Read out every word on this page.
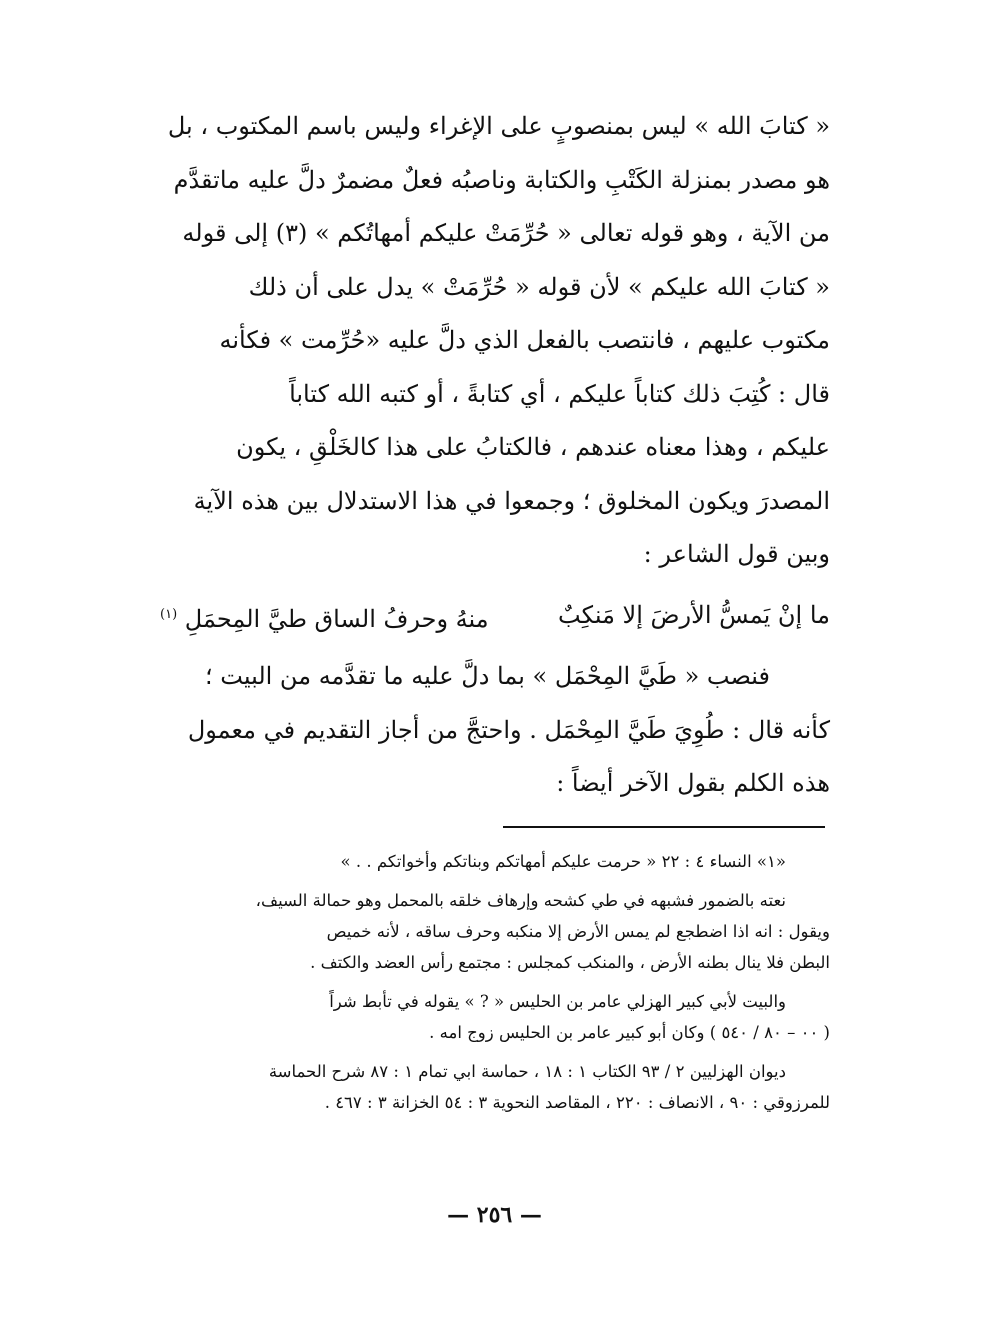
« كتابَ الله » ليس بمنصوبٍ على الإغراء وليس باسم المكتوب ، بل

هو مصدر بمنزلة الكَتْبِ والكتابة وناصبُه فعلٌ مضمرٌ دلَّ عليه ماتقدَّم

من الآية ، وهو قوله تعالى « حُرِّمَتْ عليكم أمهاتُكم » (٣) إلى قوله

« كتابَ الله عليكم » لأن قوله « حُرِّمَتْ » يدل على أن ذلك

مكتوب عليهم ، فانتصب بالفعل الذي دلَّ عليه «حُرِّمت » فكأنه

قال : كُتِبَ ذلك كتاباً عليكم ، أي كتابةً ، أو كتبه الله كتاباً

عليكم ، وهذا معناه عندهم ، فالكتابُ على هذا كالخَلْقِ ، يكون

المصدرَ ويكون المخلوق ؛ وجمعوا في هذا الاستدلال بين هذه الآية

وبين قول الشاعر :

ما إنْ يَمسُّ الأرضَ إلا مَنكِبٌ
منهُ وحرفُ الساق طيَّ المِحمَلِ $^{(١)}$

فنصب « طَيَّ المِحْمَل » بما دلَّ عليه ما تقدَّمه من البيت ؛

كأنه قال : طُوِيَ طَيَّ المِحْمَل . واحتجَّ من أجاز التقديم في معمول

هذه الكلم بقول الآخر أيضاً :

«١» النساء ٤ : ٢٢ « حرمت عليكم أمهاتكم وبناتكم وأخواتكم . . »

نعته بالضمور فشبهه في طي كشحه وإرهاف خلقه بالمحمل وهو حمالة السيف،
ويقول : انه اذا اضطجع لم يمس الأرض إلا منكبه وحرف ساقه ، لأنه خميص
البطن فلا ينال بطنه الأرض ، والمنكب كمجلس : مجتمع رأس العضد والكتف .

والبيت لأبي كبير الهزلي عامر بن الحليس « ? » يقوله في تأبط شراً
( ٠٠ – ٨٠ / ٥٤٠ ) وكان أبو كبير عامر بن الحليس زوج امه .

ديوان الهزليين ٢ / ٩٣ الكتاب ١ : ١٨ ، حماسة ابي تمام ١ : ٨٧ شرح الحماسة
للمرزوقي : ٩٠ ، الانصاف : ٢٢٠ ، المقاصد النحوية ٣ : ٥٤ الخزانة ٣ : ٤٦٧ .

— ٢٥٦ —
